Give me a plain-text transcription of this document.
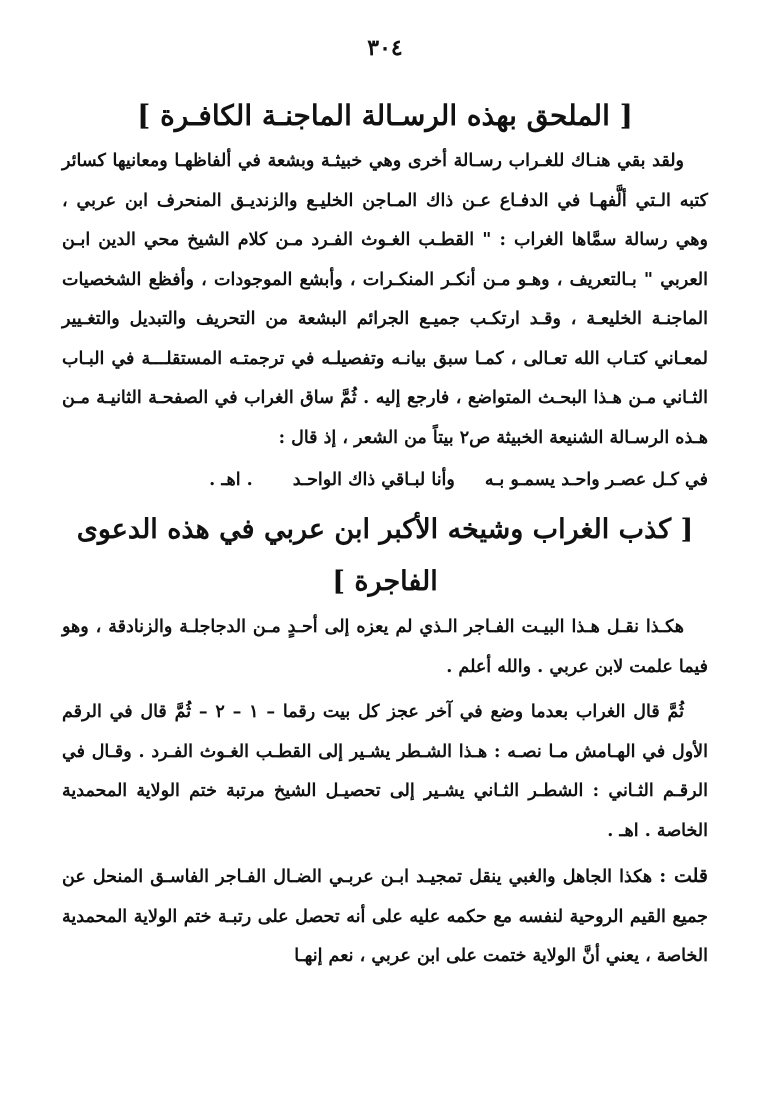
٣٠٤
[ الملحق بهذه الرسـالة الماجنـة الكافـرة ]

ولقد بقي هنـاك للغـراب رسـالة أخرى وهي خبيثـة وبشعة في ألفاظهـا ومعانيها كسائر كتبه الـتي ألَّفهـا في الدفـاع عـن ذاك المـاجن الخليـع والزنديـق المنحرف ابن عربي ، وهي رسالة سمَّاها الغراب : " القطـب الغـوث الفـرد مـن كلام الشيخ محي الدين ابـن العربي " بـالتعريف ، وهـو مـن أنكـر المنكـرات ، وأبشع الموجودات ، وأفظع الشخصيات الماجنـة الخليعـة ، وقـد ارتكـب جميـع الجرائم البشعة من التحريف والتبديل والتغـيير لمعـاني كتـاب الله تعـالى ، كمـا سبق بيانـه وتفصيلـه في ترجمتـه المستقلـــة في البـاب الثـاني مـن هـذا البحـث المتواضع ، فارجع إليه . ثُمَّ ساق الغراب في الصفحـة الثانيـة مـن هـذه الرسـالة الشنيعة الخبيثة ص٢ بيتاً من الشعر ، إذ قال :

في كـل عصـر واحـد يسمـو بـه
وأنا لبـاقي ذاك الواحـد
. اهـ .
[ كذب الغراب وشيخه الأكبر ابن عربي في هذه الدعوى
الفاجرة ]

هكـذا نقـل هـذا البيـت الفـاجر الـذي لم يعزه إلى أحـدٍ مـن الدجاجلـة والزنادقة ، وهو فيما علمت لابن عربي . والله أعلم .

ثُمَّ قال الغراب بعدما وضع في آخر عجز كل بيت رقما – ١ – ٢ – ثُمَّ قال في الرقم الأول في الهـامش مـا نصـه : هـذا الشـطر يشـير إلى القطـب الغـوث الفـرد . وقـال في الرقـم الثـاني : الشطـر الثـاني يشـير إلى تحصيـل الشيخ مرتبة ختم الولاية المحمدية الخاصة . اهـ .

قلت : هكذا الجاهل والغبي ينقل تمجيـد ابـن عربـي الضـال الفـاجر الفاسـق المنحل عن جميع القيم الروحية لنفسه مع حكمه عليه على أنه تحصل على رتبـة ختم الولاية المحمدية الخاصة ، يعني أنَّ الولاية ختمت على ابن عربي ، نعم إنهـا
